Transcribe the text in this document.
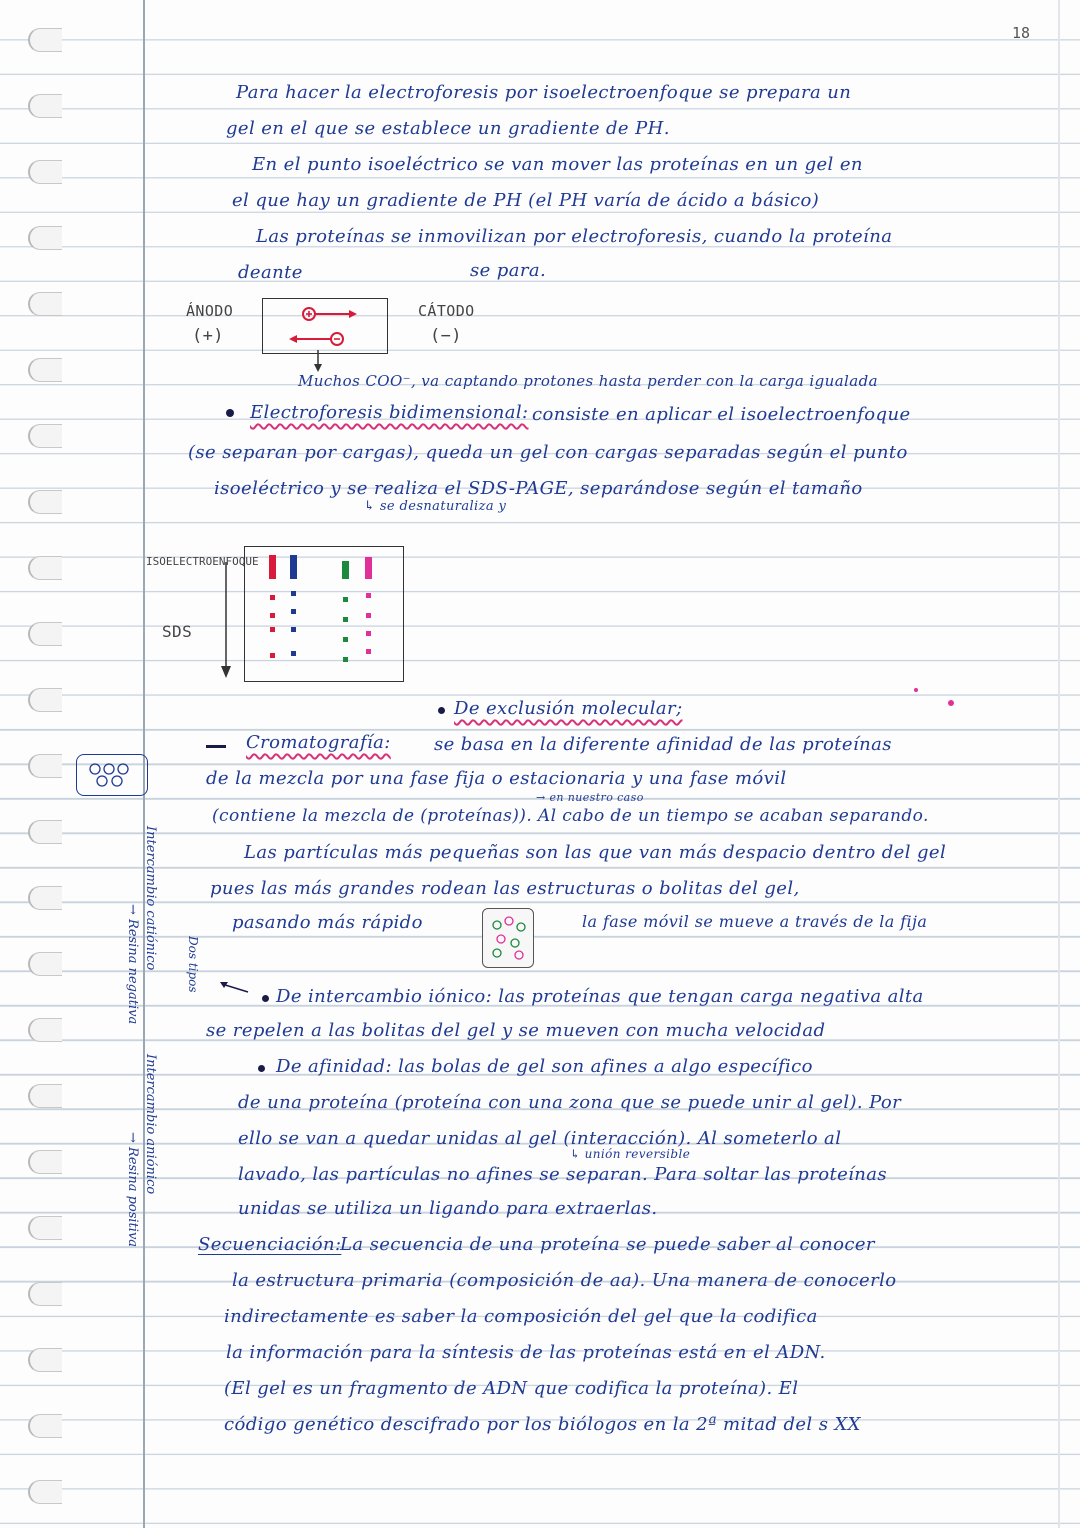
18
Para hacer la electroforesis por isoelectroenfoque se prepara un
gel en el que se establece un gradiente de PH.
En el punto isoeléctrico se van mover las proteínas en un gel en
el que hay un gradiente de PH (el PH varía de ácido a básico)
Las proteínas se inmovilizan por electroforesis, cuando la proteína
deante	se para.
ÁNODO
(+)
CÁTODO
(−)
Muchos COO⁻, va captando protones hasta perder con la carga igualada
Electroforesis bidimensional: consiste en aplicar el isoelectroenfoque
(se separan por cargas), queda un gel con cargas separadas según el punto
isoeléctrico y se realiza el SDS-PAGE, separándose según el tamaño
↳ se desnaturaliza y
ISOELECTROENFOQUE
SDS
De exclusión molecular;
Cromatografía: se basa en la diferente afinidad de las proteínas
de la mezcla por una fase fija o estacionaria y una fase móvil
→ en nuestro caso
(contiene la mezcla de (proteínas)). Al cabo de un tiempo se acaban separando.
Las partículas más pequeñas son las que van más despacio dentro del gel
pues las más grandes rodean las estructuras o bolitas del gel,
pasando más rápido	la fase móvil se mueve a través de la fija
De intercambio iónico: las proteínas que tengan carga negativa alta
se repelen a las bolitas del gel y se mueven con mucha velocidad
De afinidad: las bolas de gel son afines a algo específico
de una proteína (proteína con una zona que se puede unir al gel). Por
ello se van a quedar unidas al gel (interacción). Al someterlo al
↳ unión reversible
lavado, las partículas no afines se separan. Para soltar las proteínas
unidas se utiliza un ligando para extraerlas.
Secuenciación:
La secuencia de una proteína se puede saber al conocer
la estructura primaria (composición de aa). Una manera de conocerlo
indirectamente es saber la composición del gel que la codifica
la información para la síntesis de las proteínas está en el ADN.
(El gel es un fragmento de ADN que codifica la proteína). El
código genético descifrado por los biólogos en la 2ª mitad del s XX
Intercambio catiónico
→ Resina negativa
Intercambio aniónico
→ Resina positiva
Dos tipos
